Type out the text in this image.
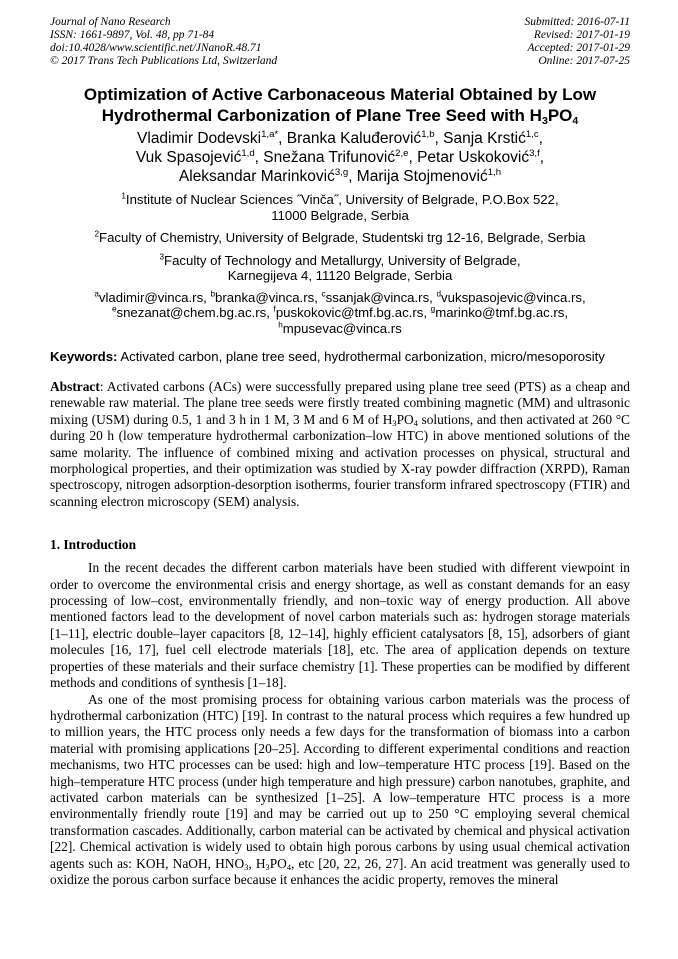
Journal of Nano Research
ISSN: 1661-9897, Vol. 48, pp 71-84
doi:10.4028/www.scientific.net/JNanoR.48.71
© 2017 Trans Tech Publications Ltd, Switzerland
Submitted: 2016-07-11
Revised: 2017-01-19
Accepted: 2017-01-29
Online: 2017-07-25
Optimization of Active Carbonaceous Material Obtained by Low
Hydrothermal Carbonization of Plane Tree Seed with $H_3PO_4$
Vladimir Dodevski$^{1,a*}$, Branka Kaluđerović$^{1,b}$, Sanja Krstić$^{1,c}$,
Vuk Spasojević$^{1,d}$, Snežana Trifunović$^{2,e}$, Petar Uskoković$^{3,f}$,
Aleksandar Marinković$^{3,g}$, Marija Stojmenović$^{1,h}$
$^1$Institute of Nuclear Sciences ˝Vinča˝, University of Belgrade, P.O.Box 522,
11000 Belgrade, Serbia
$^2$Faculty of Chemistry, University of Belgrade, Studentski trg 12-16, Belgrade, Serbia
$^3$Faculty of Technology and Metallurgy, University of Belgrade,
Karnegijeva 4, 11120 Belgrade, Serbia
$^a$vladimir@vinca.rs, $^b$branka@vinca.rs, $^c$ssanjak@vinca.rs, $^d$vukspasojevic@vinca.rs,
$^e$snezanat@chem.bg.ac.rs, $^f$puskokovic@tmf.bg.ac.rs, $^g$marinko@tmf.bg.ac.rs,
$^h$mpusevac@vinca.rs

Keywords: Activated carbon, plane tree seed, hydrothermal carbonization, micro/mesoporosity

Abstract: Activated carbons (ACs) were successfully prepared using plane tree seed (PTS) as a cheap and renewable raw material. The plane tree seeds were firstly treated combining magnetic (MM) and ultrasonic mixing (USM) during 0.5, 1 and 3 h in 1 M, 3 M and 6 M of $H_3PO_4$ solutions, and then activated at 260 °C during 20 h (low temperature hydrothermal carbonization–low HTC) in above mentioned solutions of the same molarity. The influence of combined mixing and activation processes on physical, structural and morphological properties, and their optimization was studied by X-ray powder diffraction (XRPD), Raman spectroscopy, nitrogen adsorption-desorption isotherms, fourier transform infrared spectroscopy (FTIR) and scanning electron microscopy (SEM) analysis.

1. Introduction

In the recent decades the different carbon materials have been studied with different viewpoint in order to overcome the environmental crisis and energy shortage, as well as constant demands for an easy processing of low–cost, environmentally friendly, and non–toxic way of energy production. All above mentioned factors lead to the development of novel carbon materials such as: hydrogen storage materials [1–11], electric double–layer capacitors [8, 12–14], highly efficient catalysators [8, 15], adsorbers of giant molecules [16, 17], fuel cell electrode materials [18], etc. The area of application depends on texture properties of these materials and their surface chemistry [1]. These properties can be modified by different methods and conditions of synthesis [1–18].

As one of the most promising process for obtaining various carbon materials was the process of hydrothermal carbonization (HTC) [19]. In contrast to the natural process which requires a few hundred up to million years, the HTC process only needs a few days for the transformation of biomass into a carbon material with promising applications [20–25]. According to different experimental conditions and reaction mechanisms, two HTC processes can be used: high and low–temperature HTC process [19]. Based on the high–temperature HTC process (under high temperature and high pressure) carbon nanotubes, graphite, and activated carbon materials can be synthesized [1–25]. A low–temperature HTC process is a more environmentally friendly route [19] and may be carried out up to 250 °C employing several chemical transformation cascades. Additionally, carbon material can be activated by chemical and physical activation [22]. Chemical activation is widely used to obtain high porous carbons by using usual chemical activation agents such as: KOH, NaOH, $HNO_3$, $H_3PO_4$, etc [20, 22, 26, 27]. An acid treatment was generally used to oxidize the porous carbon surface because it enhances the acidic property, removes the mineral
